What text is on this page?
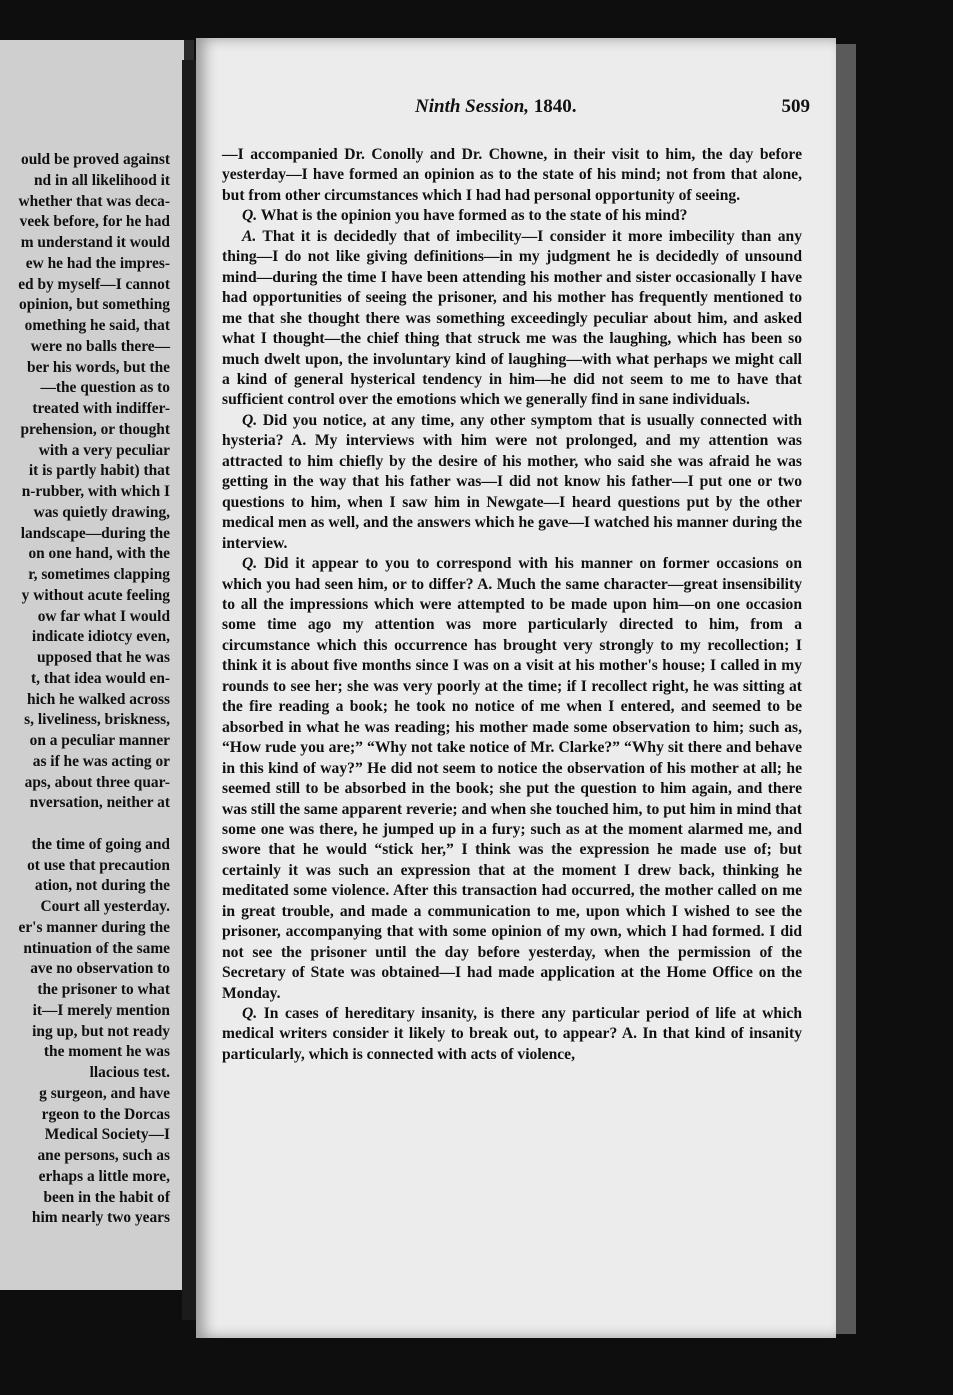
ould be proved against
nd in all likelihood it
whether that was deca-
veek before, for he had
m understand it would
ew he had the impres-
ed by myself—I cannot
opinion, but something
omething he said, that
were no balls there—
ber his words, but the
—the question as to
treated with indiffer-
prehension, or thought
with a very peculiar
it is partly habit) that
n-rubber, with which I
was quietly drawing,
landscape—during the
on one hand, with the
r, sometimes clapping
y without acute feeling
ow far what I would
indicate idiotcy even,
upposed that he was
t, that idea would en-
hich he walked across
s, liveliness, briskness,
on a peculiar manner
as if he was acting or
aps, about three quar-
nversation, neither at

the time of going and
ot use that precaution
ation, not during the
Court all yesterday.
er's manner during the
ntinuation of the same
ave no observation to
the prisoner to what
it—I merely mention
ing up, but not ready
the moment he was
llacious test.
g surgeon, and have
rgeon to the Dorcas
Medical Society—I
ane persons, such as
erhaps a little more,
been in the habit of
him nearly two years
Ninth Session, 1840.	509

—I accompanied Dr. Conolly and Dr. Chowne, in their visit to him, the day before yesterday—I have formed an opinion as to the state of his mind; not from that alone, but from other circumstances which I had had personal opportunity of seeing.

Q. What is the opinion you have formed as to the state of his mind?

A. That it is decidedly that of imbecility—I consider it more imbecility than any thing—I do not like giving definitions—in my judgment he is decidedly of unsound mind—during the time I have been attending his mother and sister occasionally I have had opportunities of seeing the prisoner, and his mother has frequently mentioned to me that she thought there was something exceedingly peculiar about him, and asked what I thought—the chief thing that struck me was the laughing, which has been so much dwelt upon, the involuntary kind of laughing—with what perhaps we might call a kind of general hysterical tendency in him—he did not seem to me to have that sufficient control over the emotions which we generally find in sane individuals.

Q. Did you notice, at any time, any other symptom that is usually connected with hysteria? A. My interviews with him were not prolonged, and my attention was attracted to him chiefly by the desire of his mother, who said she was afraid he was getting in the way that his father was—I did not know his father—I put one or two questions to him, when I saw him in Newgate—I heard questions put by the other medical men as well, and the answers which he gave—I watched his manner during the interview.

Q. Did it appear to you to correspond with his manner on former occasions on which you had seen him, or to differ? A. Much the same character—great insensibility to all the impressions which were attempted to be made upon him—on one occasion some time ago my attention was more particularly directed to him, from a circumstance which this occurrence has brought very strongly to my recollection; I think it is about five months since I was on a visit at his mother's house; I called in my rounds to see her; she was very poorly at the time; if I recollect right, he was sitting at the fire reading a book; he took no notice of me when I entered, and seemed to be absorbed in what he was reading; his mother made some observation to him; such as, “How rude you are;” “Why not take notice of Mr. Clarke?” “Why sit there and behave in this kind of way?” He did not seem to notice the observation of his mother at all; he seemed still to be absorbed in the book; she put the question to him again, and there was still the same apparent reverie; and when she touched him, to put him in mind that some one was there, he jumped up in a fury; such as at the moment alarmed me, and swore that he would “stick her,” I think was the expression he made use of; but certainly it was such an expression that at the moment I drew back, thinking he meditated some violence. After this transaction had occurred, the mother called on me in great trouble, and made a communication to me, upon which I wished to see the prisoner, accompanying that with some opinion of my own, which I had formed. I did not see the prisoner until the day before yesterday, when the permission of the Secretary of State was obtained—I had made application at the Home Office on the Monday.

Q. In cases of hereditary insanity, is there any particular period of life at which medical writers consider it likely to break out, to appear? A. In that kind of insanity particularly, which is connected with acts of violence,
